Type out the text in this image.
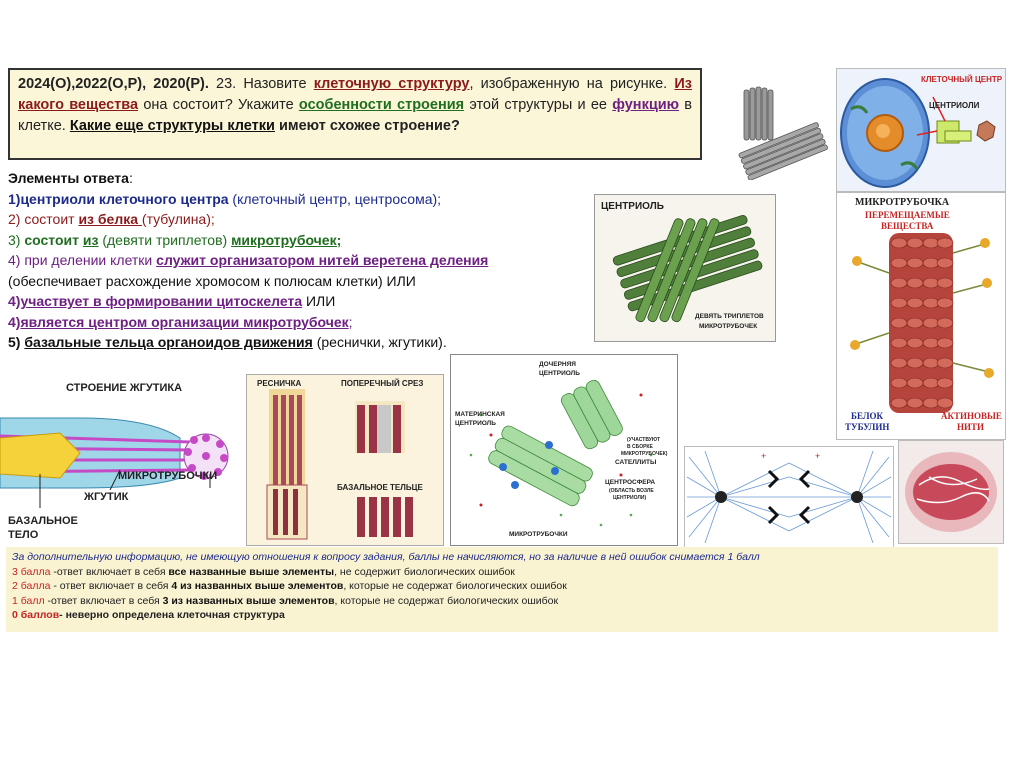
2024(О),2022(О,Р), 2020(Р). 23. Назовите клеточную структуру, изображенную на рисунке. Из какого вещества она состоит? Укажите особенности строения этой структуры и ее функцию в клетке. Какие еще структуры клетки имеют схожее строение?
Элементы ответа:
1)центриоли клеточного центра (клеточный центр, центросома);
2) состоит из белка (тубулина);
3) состоит из (девяти триплетов) микротрубочек;
4) при делении клетки служит организатором нитей веретена деления
(обеспечивает расхождение хромосом к полюсам клетки) ИЛИ
4)участвует в формировании цитоскелета ИЛИ
4)является центром организации микротрубочек;
5) базальные тельца органоидов движения (реснички, жгутики).
КЛЕТОЧНЫЙ ЦЕНТР
ЦЕНТРИОЛИ
ЦЕНТРИОЛЬ
ДЕВЯТЬ ТРИПЛЕТОВ
МИКРОТРУБОЧЕК
МИКРОТРУБОЧКА
ПЕРЕМЕЩАЕМЫЕ
ВЕЩЕСТВА
БЕЛОК
ТУБУЛИН
АКТИНОВЫЕ
НИТИ
СТРОЕНИЕ ЖГУТИКА
МИКРОТРУБОЧКИ
ЖГУТИК
БАЗАЛЬНОЕ
ТЕЛО
РЕСНИЧКА	ПОПЕРЕЧНЫЙ СРЕЗ
БАЗАЛЬНОЕ ТЕЛЬЦЕ
ДОЧЕРНЯЯ
ЦЕНТРИОЛЬ
МАТЕРИНСКАЯ
ЦЕНТРИОЛЬ
(УЧАСТВУЮТ
В СБОРКЕ
МИКРОТРУБОЧЕК)
САТЕЛЛИТЫ
ЦЕНТРОСФЕРА
(ОБЛАСТЬ ВОЗЛЕ
ЦЕНТРИОЛИ)
МИКРОТРУБОЧКИ
+	+
За дополнительную информацию, не имеющую отношения к вопросу задания, баллы не начисляются, но за наличие в ней ошибок снимается 1 балл
3 балла -ответ включает в себя все названные выше элементы, не содержит биологических ошибок
2 балла - ответ включает в себя 4 из названных выше элементов, которые не содержат биологических ошибок
1 балл -ответ включает в себя 3 из названных выше элементов, которые не содержат биологических ошибок
0 баллов- неверно определена клеточная структура
